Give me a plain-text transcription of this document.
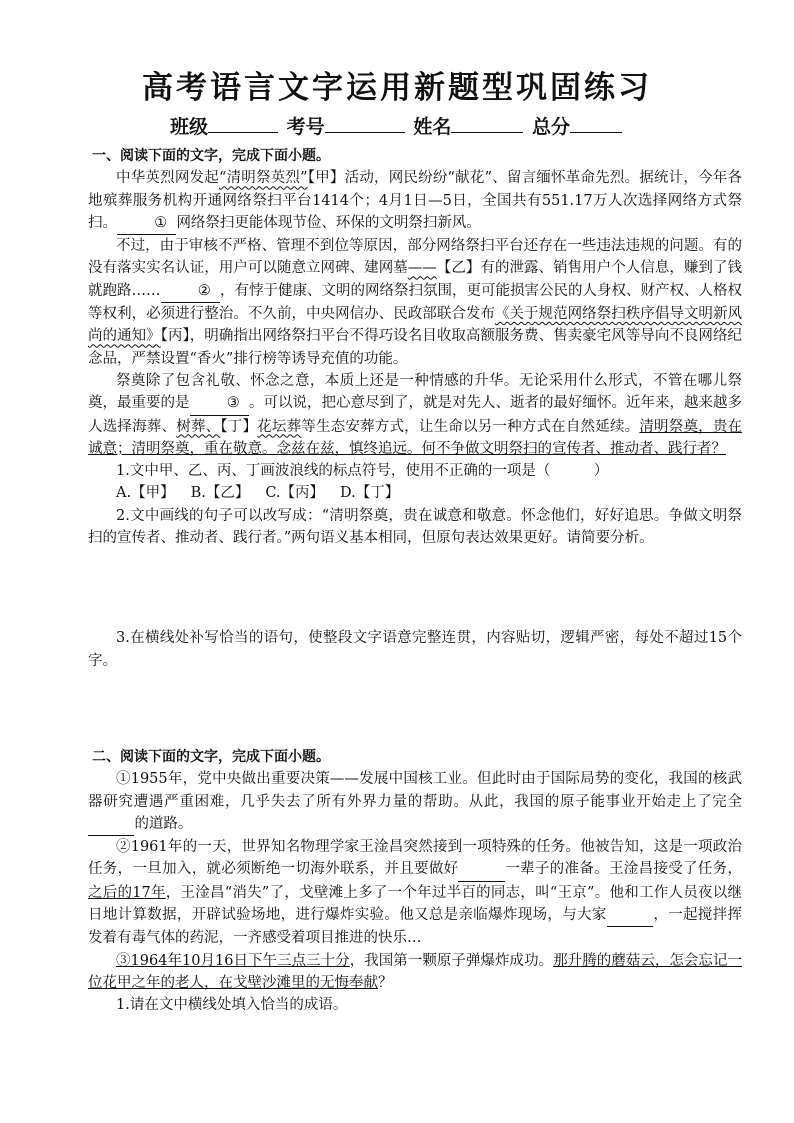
高考语言文字运用新题型巩固练习
班级	考号	姓名	总分
一、阅读下面的文字，完成下面小题。

中华英烈网发起“清明祭英烈”【甲】活动，网民纷纷“献花”、留言缅怀革命先烈。据统计，今年各地殡葬服务机构开通网络祭扫平台1414个；4月1日—5日，全国共有551.17万人次选择网络方式祭扫。	① 网络祭扫更能体现节俭、环保的文明祭扫新风。

不过，由于审核不严格、管理不到位等原因，部分网络祭扫平台还存在一些违法违规的问题。有的没有落实实名认证，用户可以随意立网碑、建网墓——【乙】有的泄露、销售用户个人信息，赚到了钱就跑路……	② ，有悖于健康、文明的网络祭扫氛围，更可能损害公民的人身权、财产权、人格权等权利，必须进行整治。不久前，中央网信办、民政部联合发布《关于规范网络祭扫秩序倡导文明新风尚的通知》【丙】，明确指出网络祭扫平台不得巧设名目收取高额服务费、售卖豪宅风等导向不良网络纪念品，严禁设置“香火”排行榜等诱导充值的功能。

祭奠除了包含礼敬、怀念之意，本质上还是一种情感的升华。无论采用什么形式，不管在哪儿祭奠，最重要的是	③ 。可以说，把心意尽到了，就是对先人、逝者的最好缅怀。近年来，越来越多人选择海葬、树葬、【丁】花坛葬等生态安葬方式，让生命以另一种方式在自然延续。清明祭奠，贵在诚意；清明祭奠，重在敬意。念兹在兹，慎终追远。何不争做文明祭扫的宣传者、推动者、践行者？

1.文中甲、乙、丙、丁画波浪线的标点符号，使用不正确的一项是（　　　）

A.【甲】 B.【乙】 C.【丙】 D.【丁】

2.文中画线的句子可以改写成：“清明祭奠，贵在诚意和敬意。怀念他们，好好追思。争做文明祭扫的宣传者、推动者、践行者。”两句语义基本相同，但原句表达效果更好。请简要分析。

3.在横线处补写恰当的语句，使整段文字语意完整连贯，内容贴切，逻辑严密，每处不超过15个字。

二、阅读下面的文字，完成下面小题。

①1955年，党中央做出重要决策——发展中国核工业。但此时由于国际局势的变化，我国的核武器研究遭遇严重困难，几乎失去了所有外界力量的帮助。从此，我国的原子能事业开始走上了完全    的道路。

②1961年的一天，世界知名物理学家王淦昌突然接到一项特殊的任务。他被告知，这是一项政治任务，一旦加入，就必须断绝一切海外联系，并且要做好	一辈子的准备。王淦昌接受了任务，之后的17年，王淦昌“消失”了，戈壁滩上多了一个年过半百的同志，叫“王京”。他和工作人员夜以继日地计算数据，开辟试验场地，进行爆炸实验。他又总是亲临爆炸现场，与大家	，一起搅拌挥发着有毒气体的药泥，一齐感受着项目推进的快乐…

③1964年10月16日下午三点三十分，我国第一颗原子弹爆炸成功。那升腾的蘑菇云，怎会忘记一位花甲之年的老人，在戈壁沙滩里的无悔奉献？

1.请在文中横线处填入恰当的成语。
